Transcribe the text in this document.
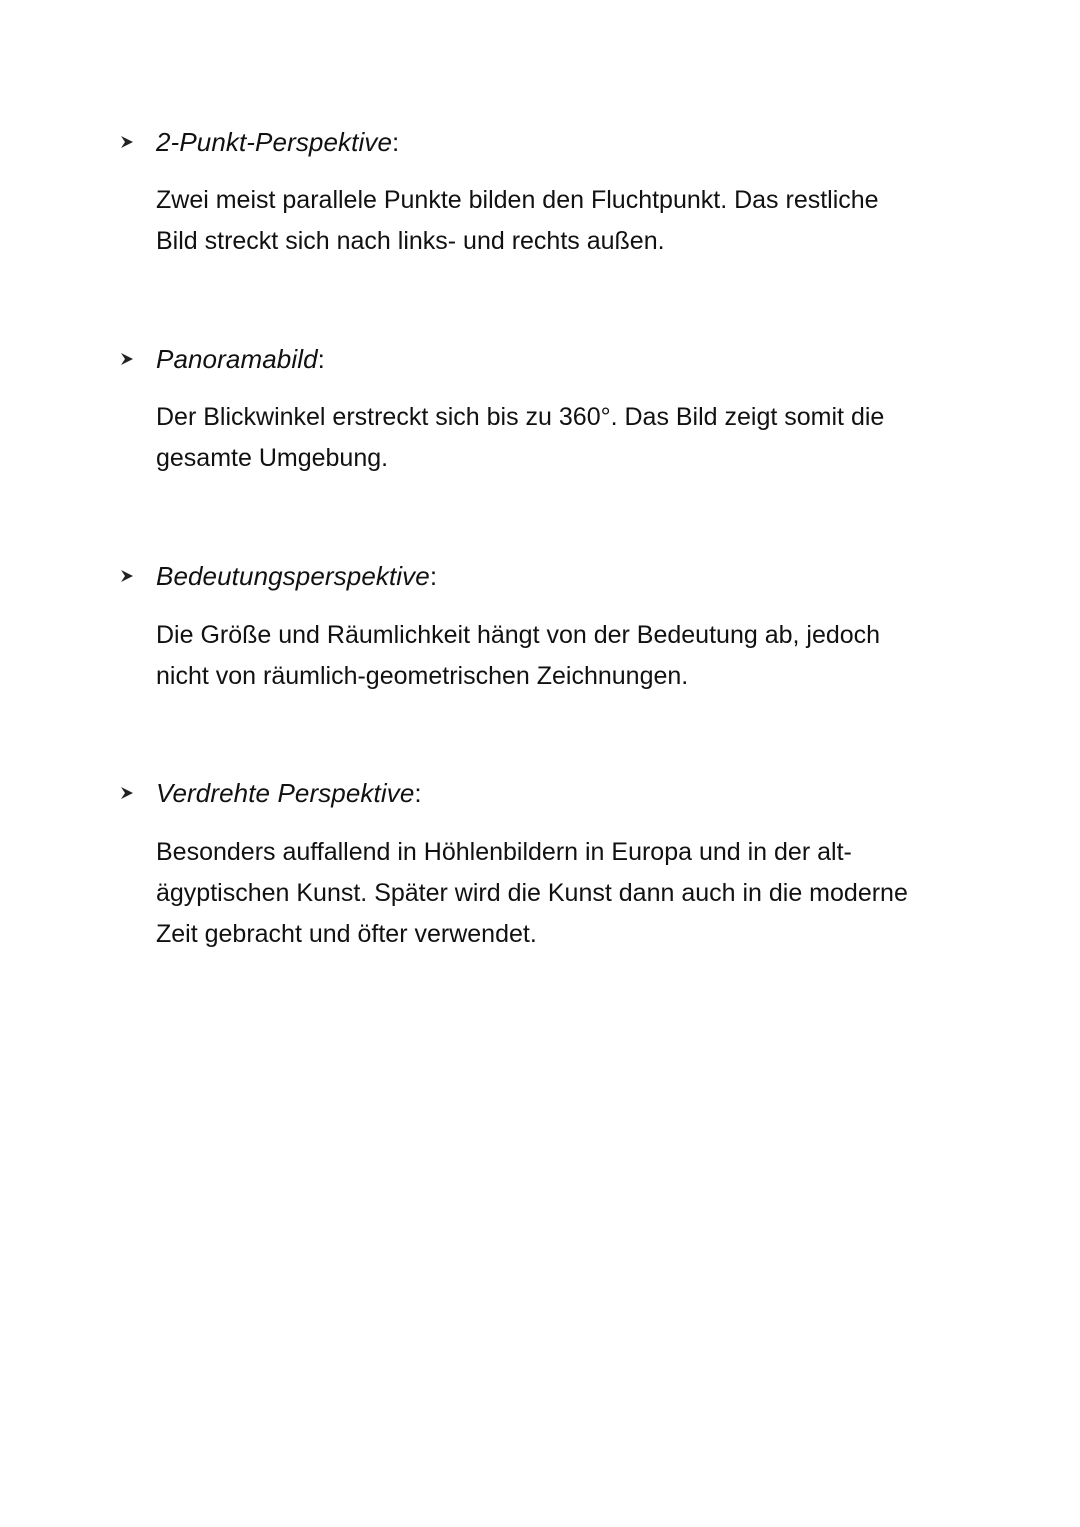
2-Punkt-Perspektive:

Zwei meist parallele Punkte bilden den Fluchtpunkt. Das restliche
Bild streckt sich nach links- und rechts außen.

Panoramabild:

Der Blickwinkel erstreckt sich bis zu 360°. Das Bild zeigt somit die
gesamte Umgebung.

Bedeutungsperspektive:

Die Größe und Räumlichkeit hängt von der Bedeutung ab, jedoch
nicht von räumlich-geometrischen Zeichnungen.

Verdrehte Perspektive:

Besonders auffallend in Höhlenbildern in Europa und in der alt-
ägyptischen Kunst. Später wird die Kunst dann auch in die moderne
Zeit gebracht und öfter verwendet.
